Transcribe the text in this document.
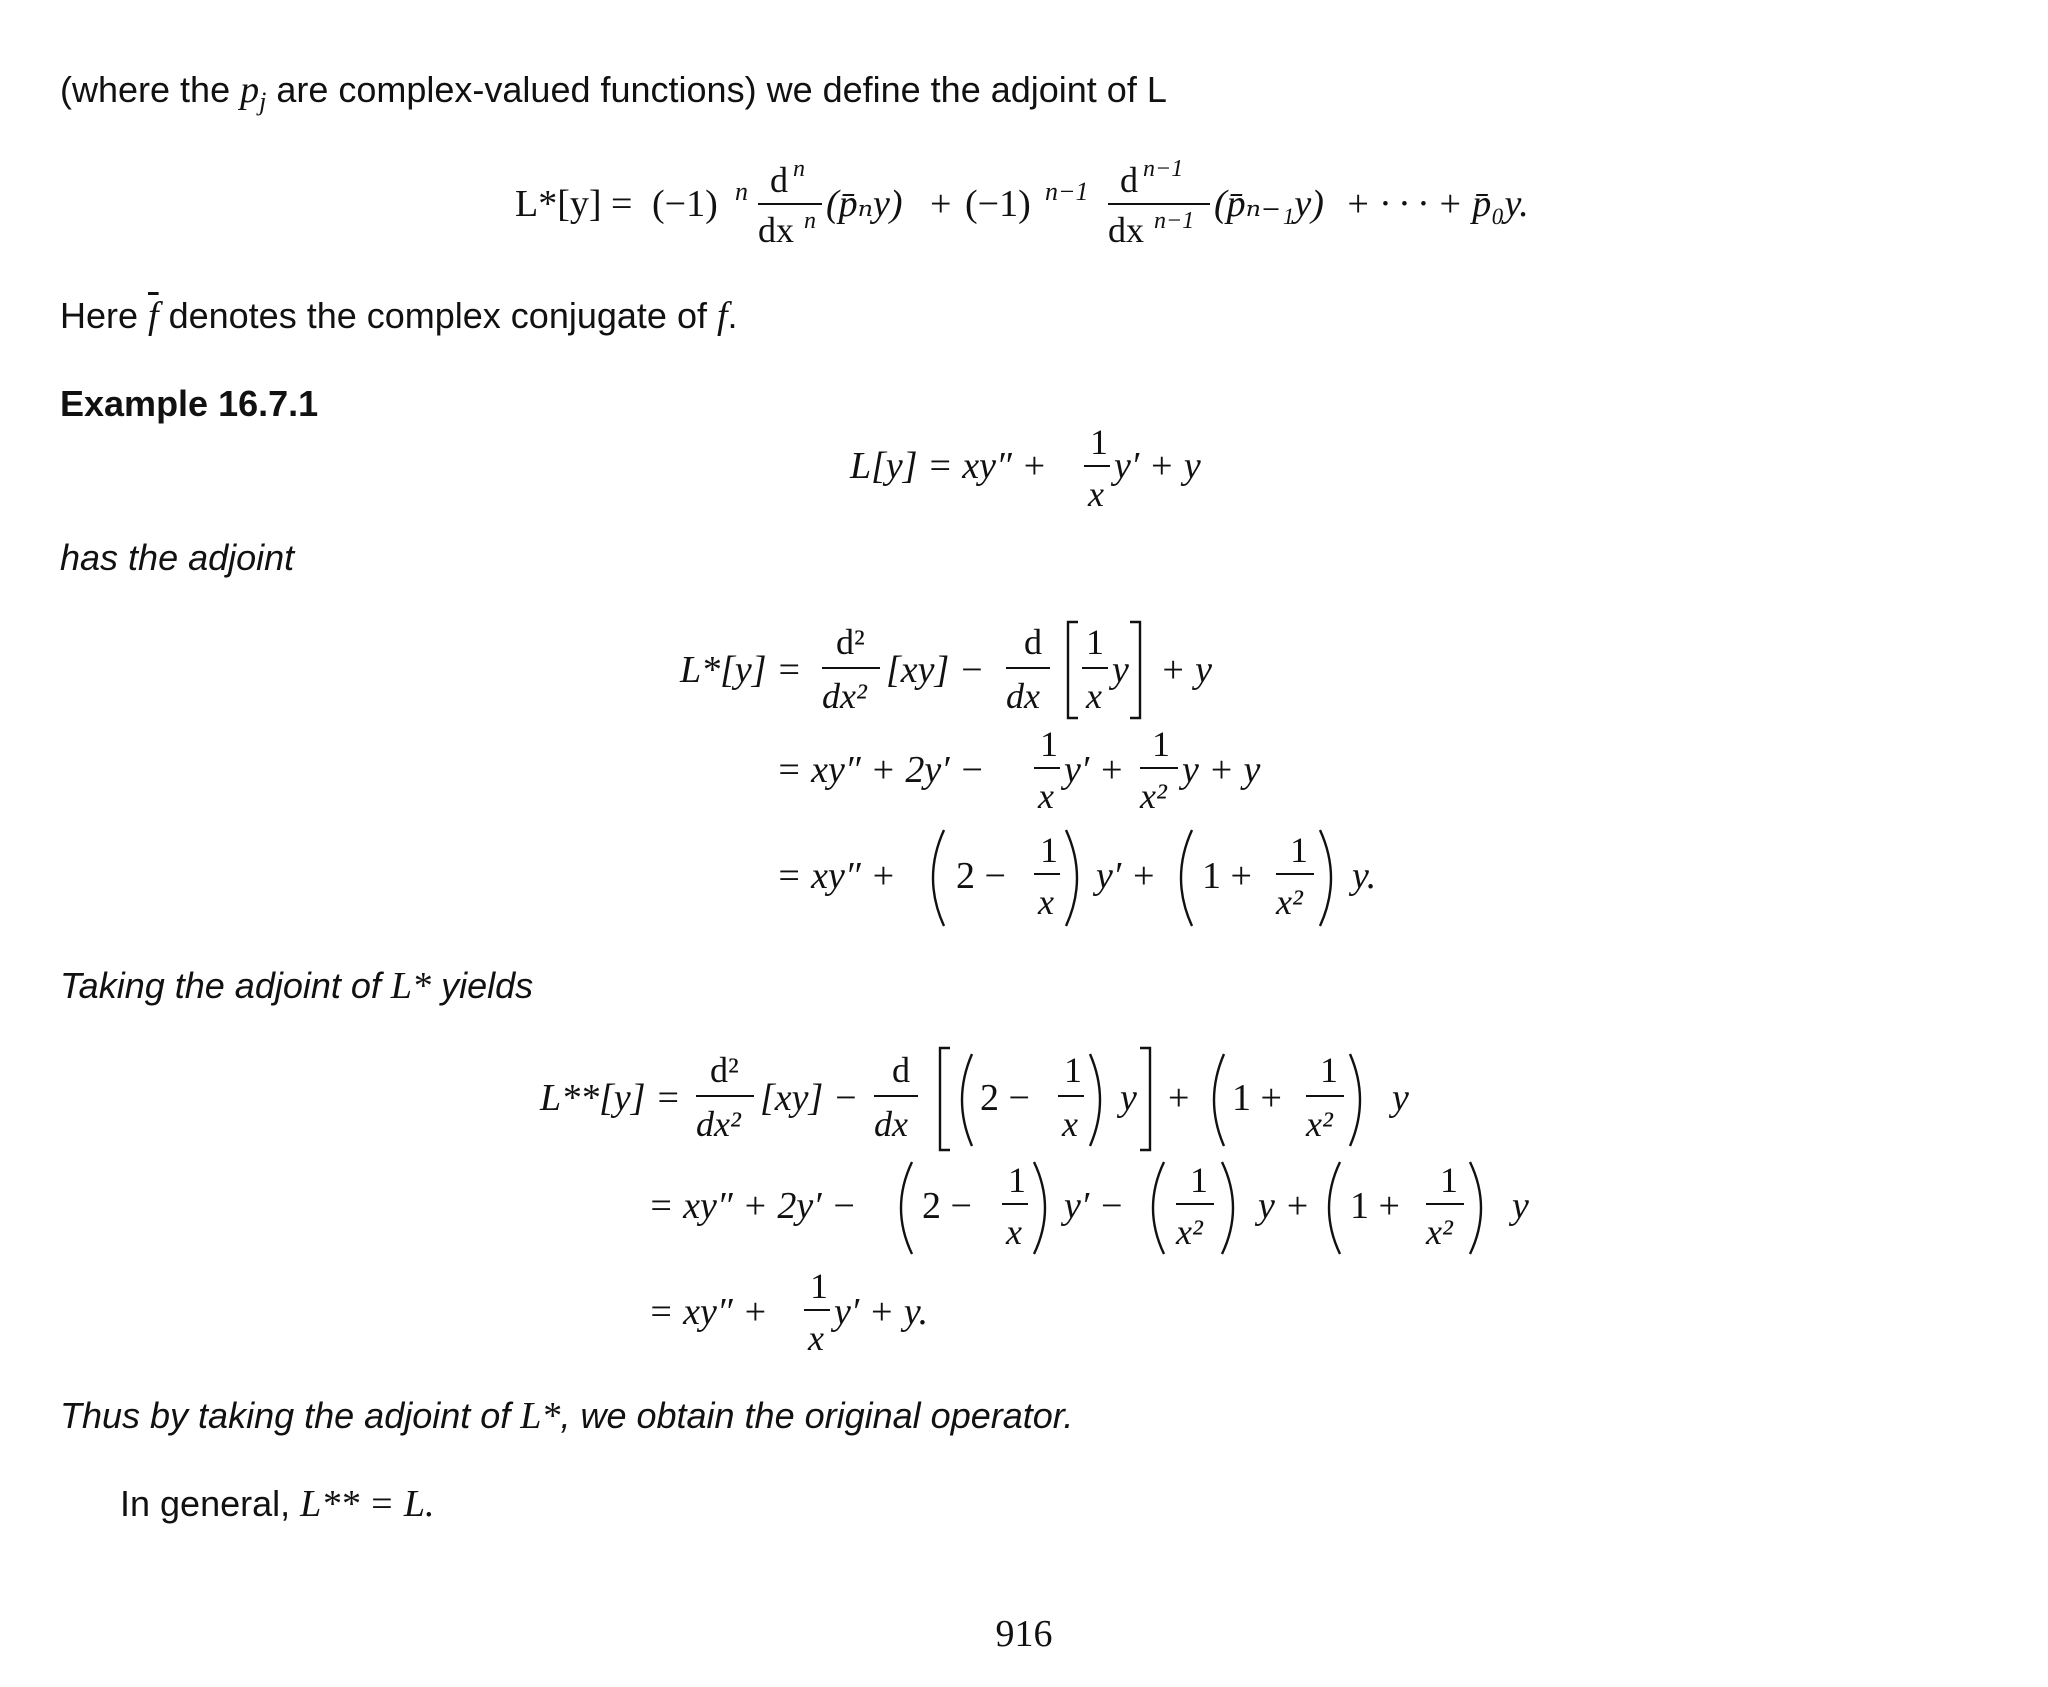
(where the $p_j$ are complex-valued functions) we define the adjoint of L
L*[y] = (−1) n d n
dx n (p̄ₙy) + (−1) n−1 d n−1
dx n−1 (p̄ₙ₋₁y) + · · · + p̄₀y.
Here $\overline{f}$ denotes the complex conjugate of f.
Example 16.7.1
L[y] = xy″ +
1
x
y′ + y
has the adjoint
L*[y] =
d²
dx²
[xy] −
d
dx
1
x
y + y
= xy″ + 2y′ −
1
x
y′ +
1
x²
y + y
= xy″ + 2 −
1
x
y′ + 1 +
1
x²
y.
Taking the adjoint of L* yields
L**[y] =
d²
dx²
[xy] −
d
dx
2 −
1
x
y + 1 +
1
x²
y
= xy″ + 2y′ − 2 −
1
x
y′ −
1
x²
y + 1 +
1
x²
y
= xy″ +
1
x
y′ + y.
Thus by taking the adjoint of L*, we obtain the original operator.
In general, L** = L.
916
